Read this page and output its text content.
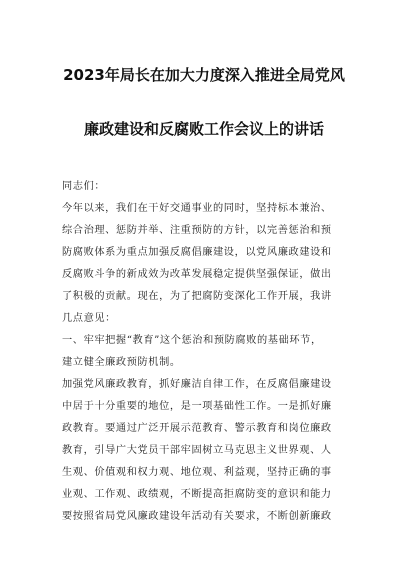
2023年局长在加大力度深入推进全局党风
廉政建设和反腐败工作会议上的讲话
同志们：
今年以来，我们在干好交通事业的同时，坚持标本兼治、
综合治理、惩防并举、注重预防的方针，以完善惩治和预
防腐败体系为重点加强反腐倡廉建设，以党风廉政建设和
反腐败斗争的新成效为改革发展稳定提供坚强保证，做出
了积极的贡献。现在，为了把腐防变深化工作开展，我讲
几点意见：
一、牢牢把握“教育”这个惩治和预防腐败的基础环节，
建立健全廉政预防机制。
加强党风廉政教育，抓好廉洁自律工作，在反腐倡廉建设
中居于十分重要的地位，是一项基础性工作。一是抓好廉
政教育。要通过广泛开展示范教育、警示教育和岗位廉政
教育，引导广大党员干部牢固树立马克思主义世界观、人
生观、价值观和权力观、地位观、利益观，坚持正确的事
业观、工作观、政绩观，不断提高拒腐防变的意识和能力
要按照省局党风廉政建设年活动有关要求，不断创新廉政
